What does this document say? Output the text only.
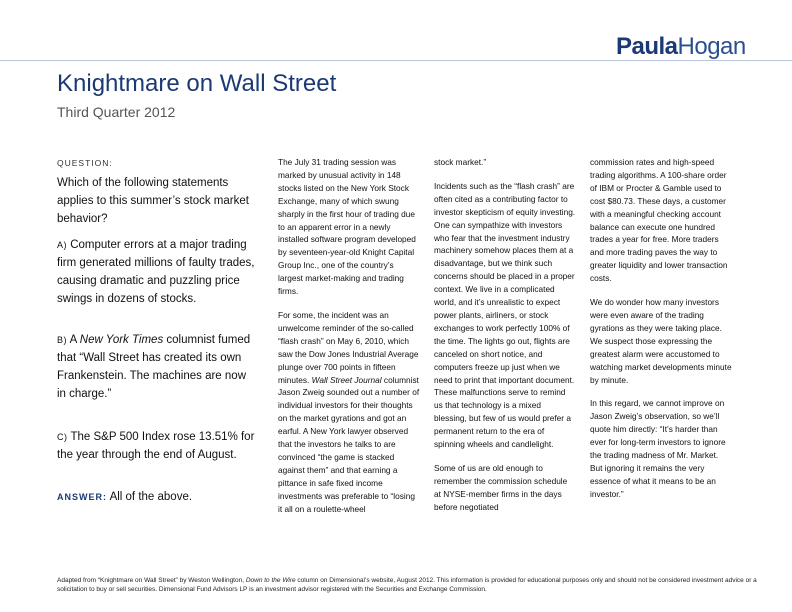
PaulaHogan
Knightmare on Wall Street
Third Quarter 2012
QUESTION:
Which of the following statements applies to this summer’s stock market behavior?
A) Computer errors at a major trading firm generated millions of faulty trades, causing dramatic and puzzling price swings in dozens of stocks.
B) A New York Times columnist fumed that “Wall Street has created its own Frankenstein. The machines are now in charge.”
C) The S&P 500 Index rose 13.51% for the year through the end of August.
ANSWER: All of the above.

The July 31 trading session was marked by unusual activity in 148 stocks listed on the New York Stock Exchange, many of which swung sharply in the first hour of trading due to an apparent error in a newly installed software program developed by seventeen-year-old Knight Capital Group Inc., one of the country’s largest market-making and trading firms.

For some, the incident was an unwelcome reminder of the so-called “flash crash” on May 6, 2010, which saw the Dow Jones Industrial Average plunge over 700 points in fifteen minutes. Wall Street Journal columnist Jason Zweig sounded out a number of individual investors for their thoughts on the market gyrations and got an earful. A New York lawyer observed that the investors he talks to are convinced “the game is stacked against them” and that earning a pittance in safe fixed income investments was preferable to “losing it all on a roulette-wheel

stock market.”

Incidents such as the “flash crash” are often cited as a contributing factor to investor skepticism of equity investing. One can sympathize with investors who fear that the investment industry machinery somehow places them at a disadvantage, but we think such concerns should be placed in a proper context. We live in a complicated world, and it’s unrealistic to expect power plants, airliners, or stock exchanges to work perfectly 100% of the time. The lights go out, flights are canceled on short notice, and computers freeze up just when we need to print that important document. These malfunctions serve to remind us that technology is a mixed blessing, but few of us would prefer a permanent return to the era of spinning wheels and candlelight.

Some of us are old enough to remember the commission schedule at NYSE-member firms in the days before negotiated

commission rates and high-speed trading algorithms. A 100-share order of IBM or Procter & Gamble used to cost $80.73. These days, a customer with a meaningful checking account balance can execute one hundred trades a year for free. More traders and more trading paves the way to greater liquidity and lower transaction costs.

We do wonder how many investors were even aware of the trading gyrations as they were taking place. We suspect those expressing the greatest alarm were accustomed to watching market developments minute by minute.

In this regard, we cannot improve on Jason Zweig’s observation, so we’ll quote him directly: “It’s harder than ever for long-term investors to ignore the trading madness of Mr. Market. But ignoring it remains the very essence of what it means to be an investor.”

Adapted from “Knightmare on Wall Street” by Weston Wellington, Down to the Wire column on Dimensional’s website, August 2012. This information is provided for educational purposes only and should not be considered investment advice or a solicitation to buy or sell securities. Dimensional Fund Advisors LP is an investment advisor registered with the Securities and Exchange Commission.
